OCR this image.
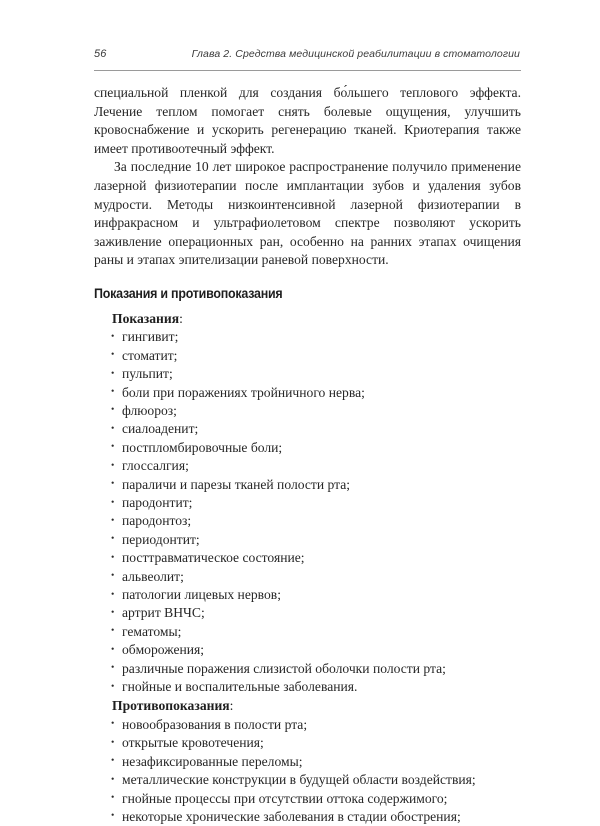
56	Глава 2. Средства медицинской реабилитации в стоматологии

специальной пленкой для создания бо́льшего теплового эффекта. Лечение теплом помогает снять болевые ощущения, улучшить кровоснабжение и ускорить регенерацию тканей. Криотерапия также имеет противоотечный эффект.

За последние 10 лет широкое распространение получило применение лазерной физиотерапии после имплантации зубов и удаления зубов мудрости. Методы низкоинтенсивной лазерной физиотерапии в инфракрасном и ультрафиолетовом спектре позволяют ускорить заживление операционных ран, особенно на ранних этапах очищения раны и этапах эпителизации раневой поверхности.

Показания и противопоказания
Показания:
• гингивит;
• стоматит;
• пульпит;
• боли при поражениях тройничного нерва;
• флюороз;
• сиалоаденит;
• постпломбировочные боли;
• глоссалгия;
• параличи и парезы тканей полости рта;
• пародонтит;
• пародонтоз;
• периодонтит;
• посттравматическое состояние;
• альвеолит;
• патологии лицевых нервов;
• артрит ВНЧС;
• гематомы;
• обморожения;
• различные поражения слизистой оболочки полости рта;
• гнойные и воспалительные заболевания.
Противопоказания:
• новообразования в полости рта;
• открытые кровотечения;
• незафиксированные переломы;
• металлические конструкции в будущей области воздействия;
• гнойные процессы при отсутствии оттока содержимого;
• некоторые хронические заболевания в стадии обострения;
